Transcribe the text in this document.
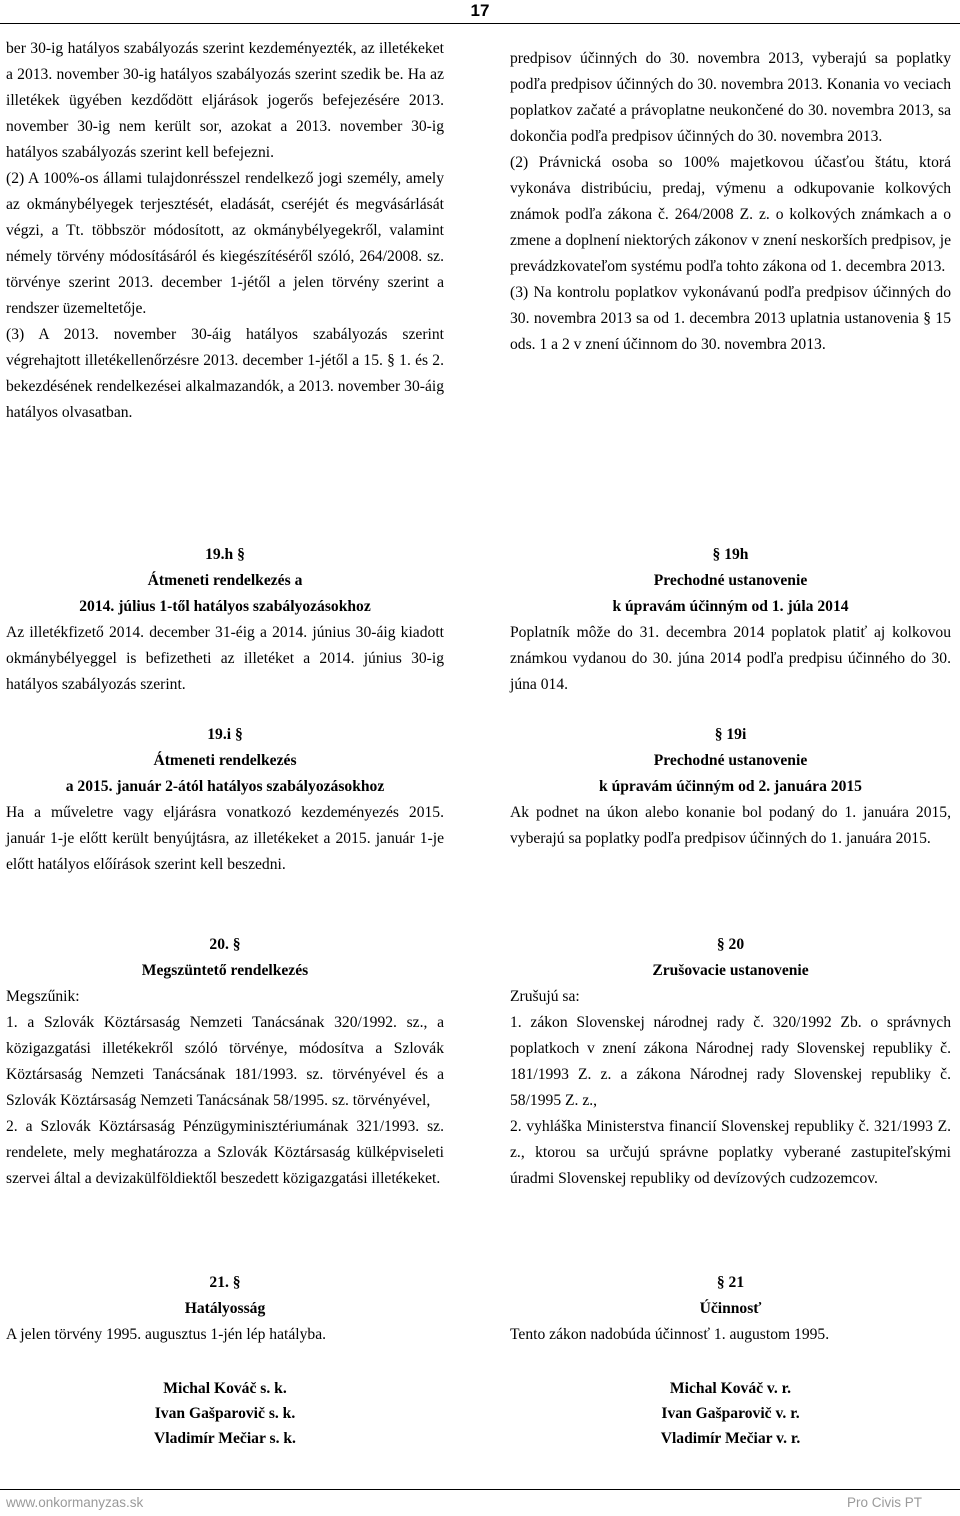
17

ber 30-ig hatályos szabályozás szerint kezdeményezték, az illetékeket a 2013. november 30-ig hatályos szabályozás szerint szedik be. Ha az illetékek ügyében kezdődött eljárások jogerős befejezésére 2013. november 30-ig nem került sor, azokat a 2013. november 30-ig hatályos szabályozás szerint kell befejezni.

(2) A 100%-os állami tulajdonrésszel rendelkező jogi személy, amely az okmánybélyegek terjesztését, eladását, cseréjét és megvásárlását végzi, a Tt. többször módosított, az okmánybélyegekről, valamint némely törvény módosításáról és kiegészítéséről szóló, 264/2008. sz. törvénye szerint 2013. december 1-jétől a jelen törvény szerint a rendszer üzemeltetője.

(3) A 2013. november 30-áig hatályos szabályozás szerint végrehajtott illetékellenőrzésre 2013. december 1-jétől a 15. § 1. és 2. bekezdésének rendelkezései alkalmazandók, a 2013. november 30-áig hatályos olvasatban.

19.h §

Átmeneti rendelkezés a

2014. július 1-től hatályos szabályozásokhoz

Az illetékfizető 2014. december 31-éig a 2014. június 30-áig kiadott okmánybélyeggel is befizetheti az illetéket a 2014. június 30-ig hatályos szabályozás szerint.

19.i §

Átmeneti rendelkezés

a 2015. január 2-ától hatályos szabályozásokhoz

Ha a műveletre vagy eljárásra vonatkozó kezdeményezés 2015. január 1-je előtt került benyújtásra, az illetékeket a 2015. január 1-je előtt hatályos előírások szerint kell beszedni.

20. §

Megszüntető rendelkezés

Megszűnik:

1. a Szlovák Köztársaság Nemzeti Tanácsának 320/1992. sz., a közigazgatási illetékekről szóló törvénye, módosítva a Szlovák Köztársaság Nemzeti Tanácsának 181/1993. sz. törvényével és a Szlovák Köztársaság Nemzeti Tanácsának 58/1995. sz. törvényével,

2. a Szlovák Köztársaság Pénzügyminisztériumának 321/1993. sz. rendelete, mely meghatározza a Szlovák Köztársaság külképviseleti szervei által a devizakülföldiektől beszedett közigazgatási illetékeket.

21. §

Hatályosság

A jelen törvény 1995. augusztus 1-jén lép hatályba.

Michal Kováč s. k.

Ivan Gašparovič s. k.

Vladimír Mečiar s. k.

predpisov účinných do 30. novembra 2013, vyberajú sa poplatky podľa predpisov účinných do 30. novembra 2013. Konania vo veciach poplatkov začaté a právoplatne neukončené do 30. novembra 2013, sa dokončia podľa predpisov účinných do 30. novembra 2013.

(2) Právnická osoba so 100% majetkovou účasťou štátu, ktorá vykonáva distribúciu, predaj, výmenu a odkupovanie kolkových známok podľa zákona č. 264/2008 Z. z. o kolkových známkach a o zmene a doplnení niektorých zákonov v znení neskorších predpisov, je prevádzkovateľom systému podľa tohto zákona od 1. decembra 2013.

(3) Na kontrolu poplatkov vykonávanú podľa predpisov účinných do 30. novembra 2013 sa od 1. decembra 2013 uplatnia ustanovenia § 15 ods. 1 a 2 v znení účinnom do 30. novembra 2013.

§ 19h

Prechodné ustanovenie

k úpravám účinným od 1. júla 2014

Poplatník môže do 31. decembra 2014 poplatok platiť aj kolkovou známkou vydanou do 30. júna 2014 podľa predpisu účinného do 30. júna 014.

§ 19i

Prechodné ustanovenie

k úpravám účinným od 2. januára 2015

Ak podnet na úkon alebo konanie bol podaný do 1. januára 2015, vyberajú sa poplatky podľa predpisov účinných do 1. januára 2015.

§ 20

Zrušovacie ustanovenie

Zrušujú sa:

1. zákon Slovenskej národnej rady č. 320/1992 Zb. o správnych poplatkoch v znení zákona Národnej rady Slovenskej republiky č. 181/1993 Z. z. a zákona Národnej rady Slovenskej republiky č. 58/1995 Z. z.,

2. vyhláška Ministerstva financií Slovenskej republiky č. 321/1993 Z. z., ktorou sa určujú správne poplatky vyberané zastupiteľskými úradmi Slovenskej republiky od devízových cudzozemcov.

§ 21

Účinnosť

Tento zákon nadobúda účinnosť 1. augustom 1995.

Michal Kováč v. r.

Ivan Gašparovič v. r.

Vladimír Mečiar v. r.

www.onkormanyzas.sk	Pro Civis PT
